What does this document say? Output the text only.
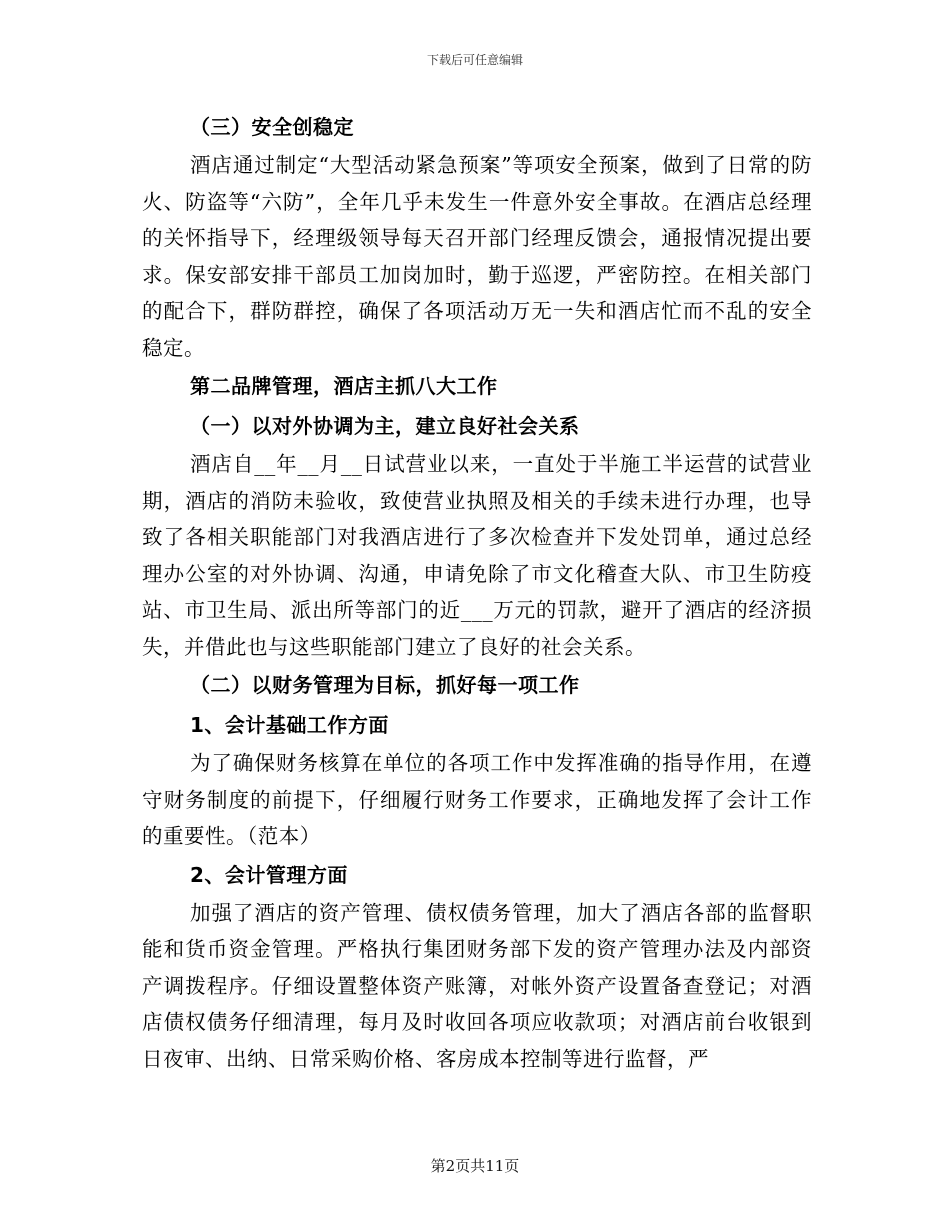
下载后可任意编辑
（三）安全创稳定

酒店通过制定“大型活动紧急预案”等项安全预案，做到了日常的防火、防盗等“六防”，全年几乎未发生一件意外安全事故。在酒店总经理的关怀指导下，经理级领导每天召开部门经理反馈会，通报情况提出要求。保安部安排干部员工加岗加时，勤于巡逻，严密防控。在相关部门的配合下，群防群控，确保了各项活动万无一失和酒店忙而不乱的安全稳定。

第二品牌管理，酒店主抓八大工作
（一）以对外协调为主，建立良好社会关系

酒店自__年__月__日试营业以来，一直处于半施工半运营的试营业期，酒店的消防未验收，致使营业执照及相关的手续未进行办理，也导致了各相关职能部门对我酒店进行了多次检查并下发处罚单，通过总经理办公室的对外协调、沟通，申请免除了市文化稽查大队、市卫生防疫站、市卫生局、派出所等部门的近___万元的罚款，避开了酒店的经济损失，并借此也与这些职能部门建立了良好的社会关系。

（二）以财务管理为目标，抓好每一项工作
1、会计基础工作方面

为了确保财务核算在单位的各项工作中发挥准确的指导作用，在遵守财务制度的前提下，仔细履行财务工作要求，正确地发挥了会计工作的重要性。（范本）

2、会计管理方面

加强了酒店的资产管理、债权债务管理，加大了酒店各部的监督职能和货币资金管理。严格执行集团财务部下发的资产管理办法及内部资产调拨程序。仔细设置整体资产账簿，对帐外资产设置备查登记；对酒店债权债务仔细清理，每月及时收回各项应收款项；对酒店前台收银到日夜审、出纳、日常采购价格、客房成本控制等进行监督，严

第2页共11页
